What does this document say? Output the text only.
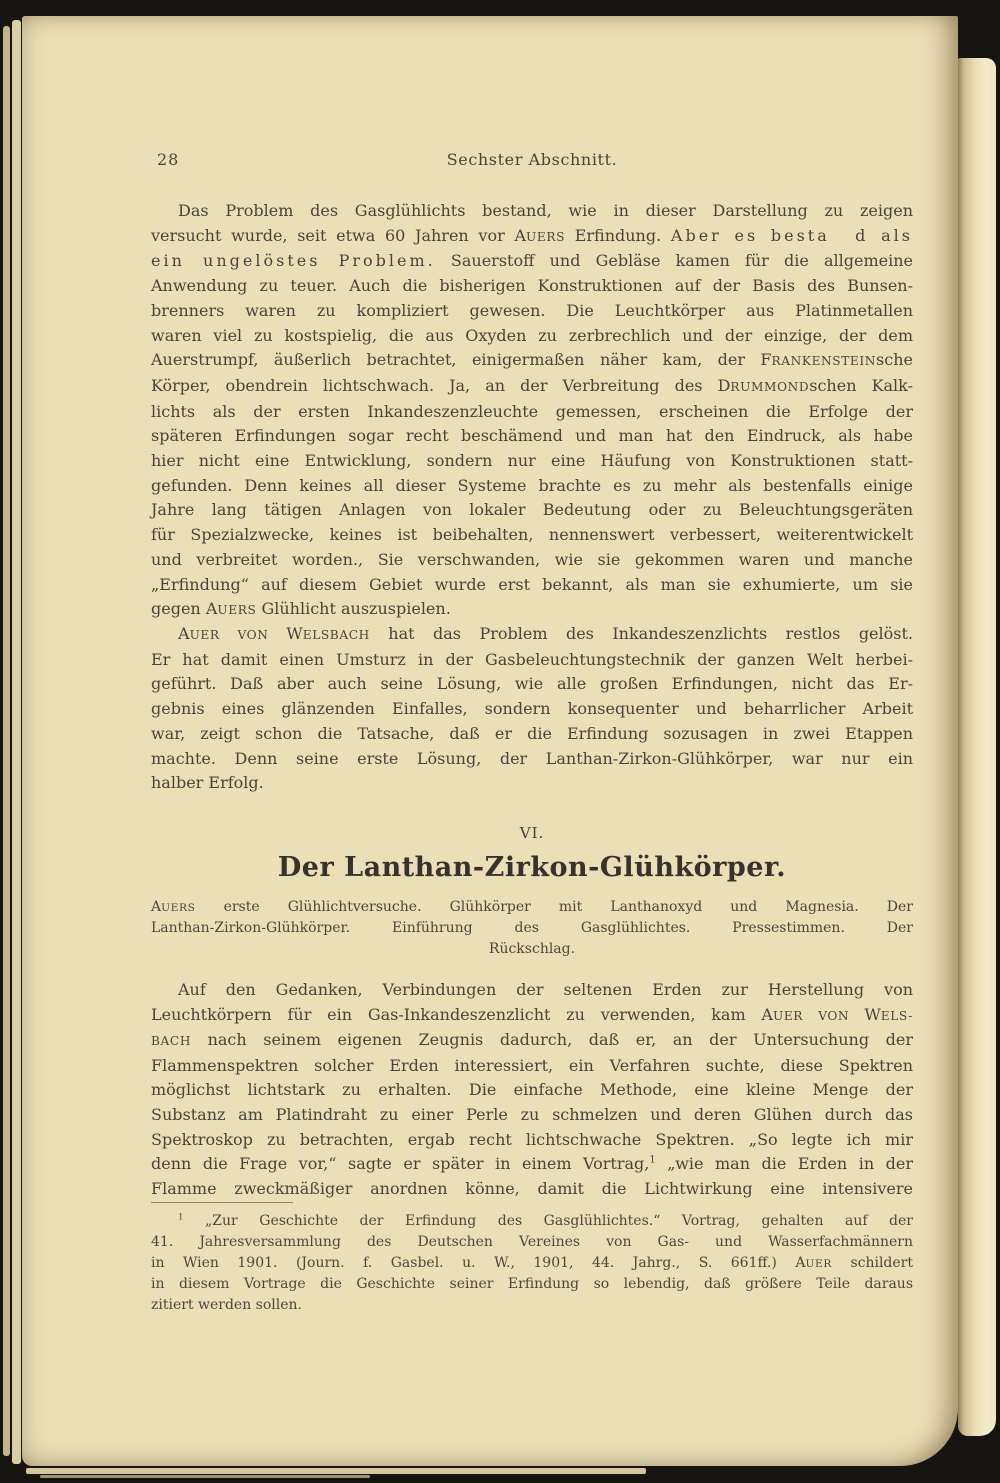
28	Sechster Abschnitt.
Das Problem des Gasglühlichts bestand, wie in dieser Darstellung zu zeigen
versucht wurde, seit etwa 60 Jahren vor AUERS Erfindung. Aber es besta  d als
ein ungelöstes Problem. Sauerstoff und Gebläse kamen für die allgemeine
Anwendung zu teuer. Auch die bisherigen Konstruktionen auf der Basis des Bunsen-
brenners waren zu kompliziert gewesen. Die Leuchtkörper aus Platinmetallen
waren viel zu kostspielig, die aus Oxyden zu zerbrechlich und der einzige, der dem
Auerstrumpf, äußerlich betrachtet, einigermaßen näher kam, der FRANKENSTEINsche
Körper, obendrein lichtschwach. Ja, an der Verbreitung des DRUMMONDschen Kalk-
lichts als der ersten Inkandeszenzleuchte gemessen, erscheinen die Erfolge der
späteren Erfindungen sogar recht beschämend und man hat den Eindruck, als habe
hier nicht eine Entwicklung, sondern nur eine Häufung von Konstruktionen statt-
gefunden. Denn keines all dieser Systeme brachte es zu mehr als bestenfalls einige
Jahre lang tätigen Anlagen von lokaler Bedeutung oder zu Beleuchtungsgeräten
für Spezialzwecke, keines ist beibehalten, nennenswert verbessert, weiterentwickelt
und verbreitet worden., Sie verschwanden, wie sie gekommen waren und manche
„Erfindung“ auf diesem Gebiet wurde erst bekannt, als man sie exhumierte, um sie
gegen AUERS Glühlicht auszuspielen.
AUER VON WELSBACH hat das Problem des Inkandeszenzlichts restlos gelöst.
Er hat damit einen Umsturz in der Gasbeleuchtungstechnik der ganzen Welt herbei-
geführt. Daß aber auch seine Lösung, wie alle großen Erfindungen, nicht das Er-
gebnis eines glänzenden Einfalles, sondern konsequenter und beharrlicher Arbeit
war, zeigt schon die Tatsache, daß er die Erfindung sozusagen in zwei Etappen
machte. Denn seine erste Lösung, der Lanthan-Zirkon-Glühkörper, war nur ein
halber Erfolg.
VI.
Der Lanthan-Zirkon-Glühkörper.
AUERS erste Glühlichtversuche. Glühkörper mit Lanthanoxyd und Magnesia. Der
Lanthan-Zirkon-Glühkörper. Einführung des Gasglühlichtes. Pressestimmen. Der
Rückschlag.
Auf den Gedanken, Verbindungen der seltenen Erden zur Herstellung von
Leuchtkörpern für ein Gas-Inkandeszenzlicht zu verwenden, kam AUER VON WELS-
BACH nach seinem eigenen Zeugnis dadurch, daß er, an der Untersuchung der
Flammenspektren solcher Erden interessiert, ein Verfahren suchte, diese Spektren
möglichst lichtstark zu erhalten. Die einfache Methode, eine kleine Menge der
Substanz am Platindraht zu einer Perle zu schmelzen und deren Glühen durch das
Spektroskop zu betrachten, ergab recht lichtschwache Spektren. „So legte ich mir
denn die Frage vor,“ sagte er später in einem Vortrag,$^1$ „wie man die Erden in der
Flamme zweckmäßiger anordnen könne, damit die Lichtwirkung eine intensivere
$^1$ „Zur Geschichte der Erfindung des Gasglühlichtes.“ Vortrag, gehalten auf der
41. Jahresversammlung des Deutschen Vereines von Gas- und Wasserfachmännern
in Wien 1901. (Journ. f. Gasbel. u. W., 1901, 44. Jahrg., S. 661ff.) AUER schildert
in diesem Vortrage die Geschichte seiner Erfindung so lebendig, daß größere Teile daraus
zitiert werden sollen.
